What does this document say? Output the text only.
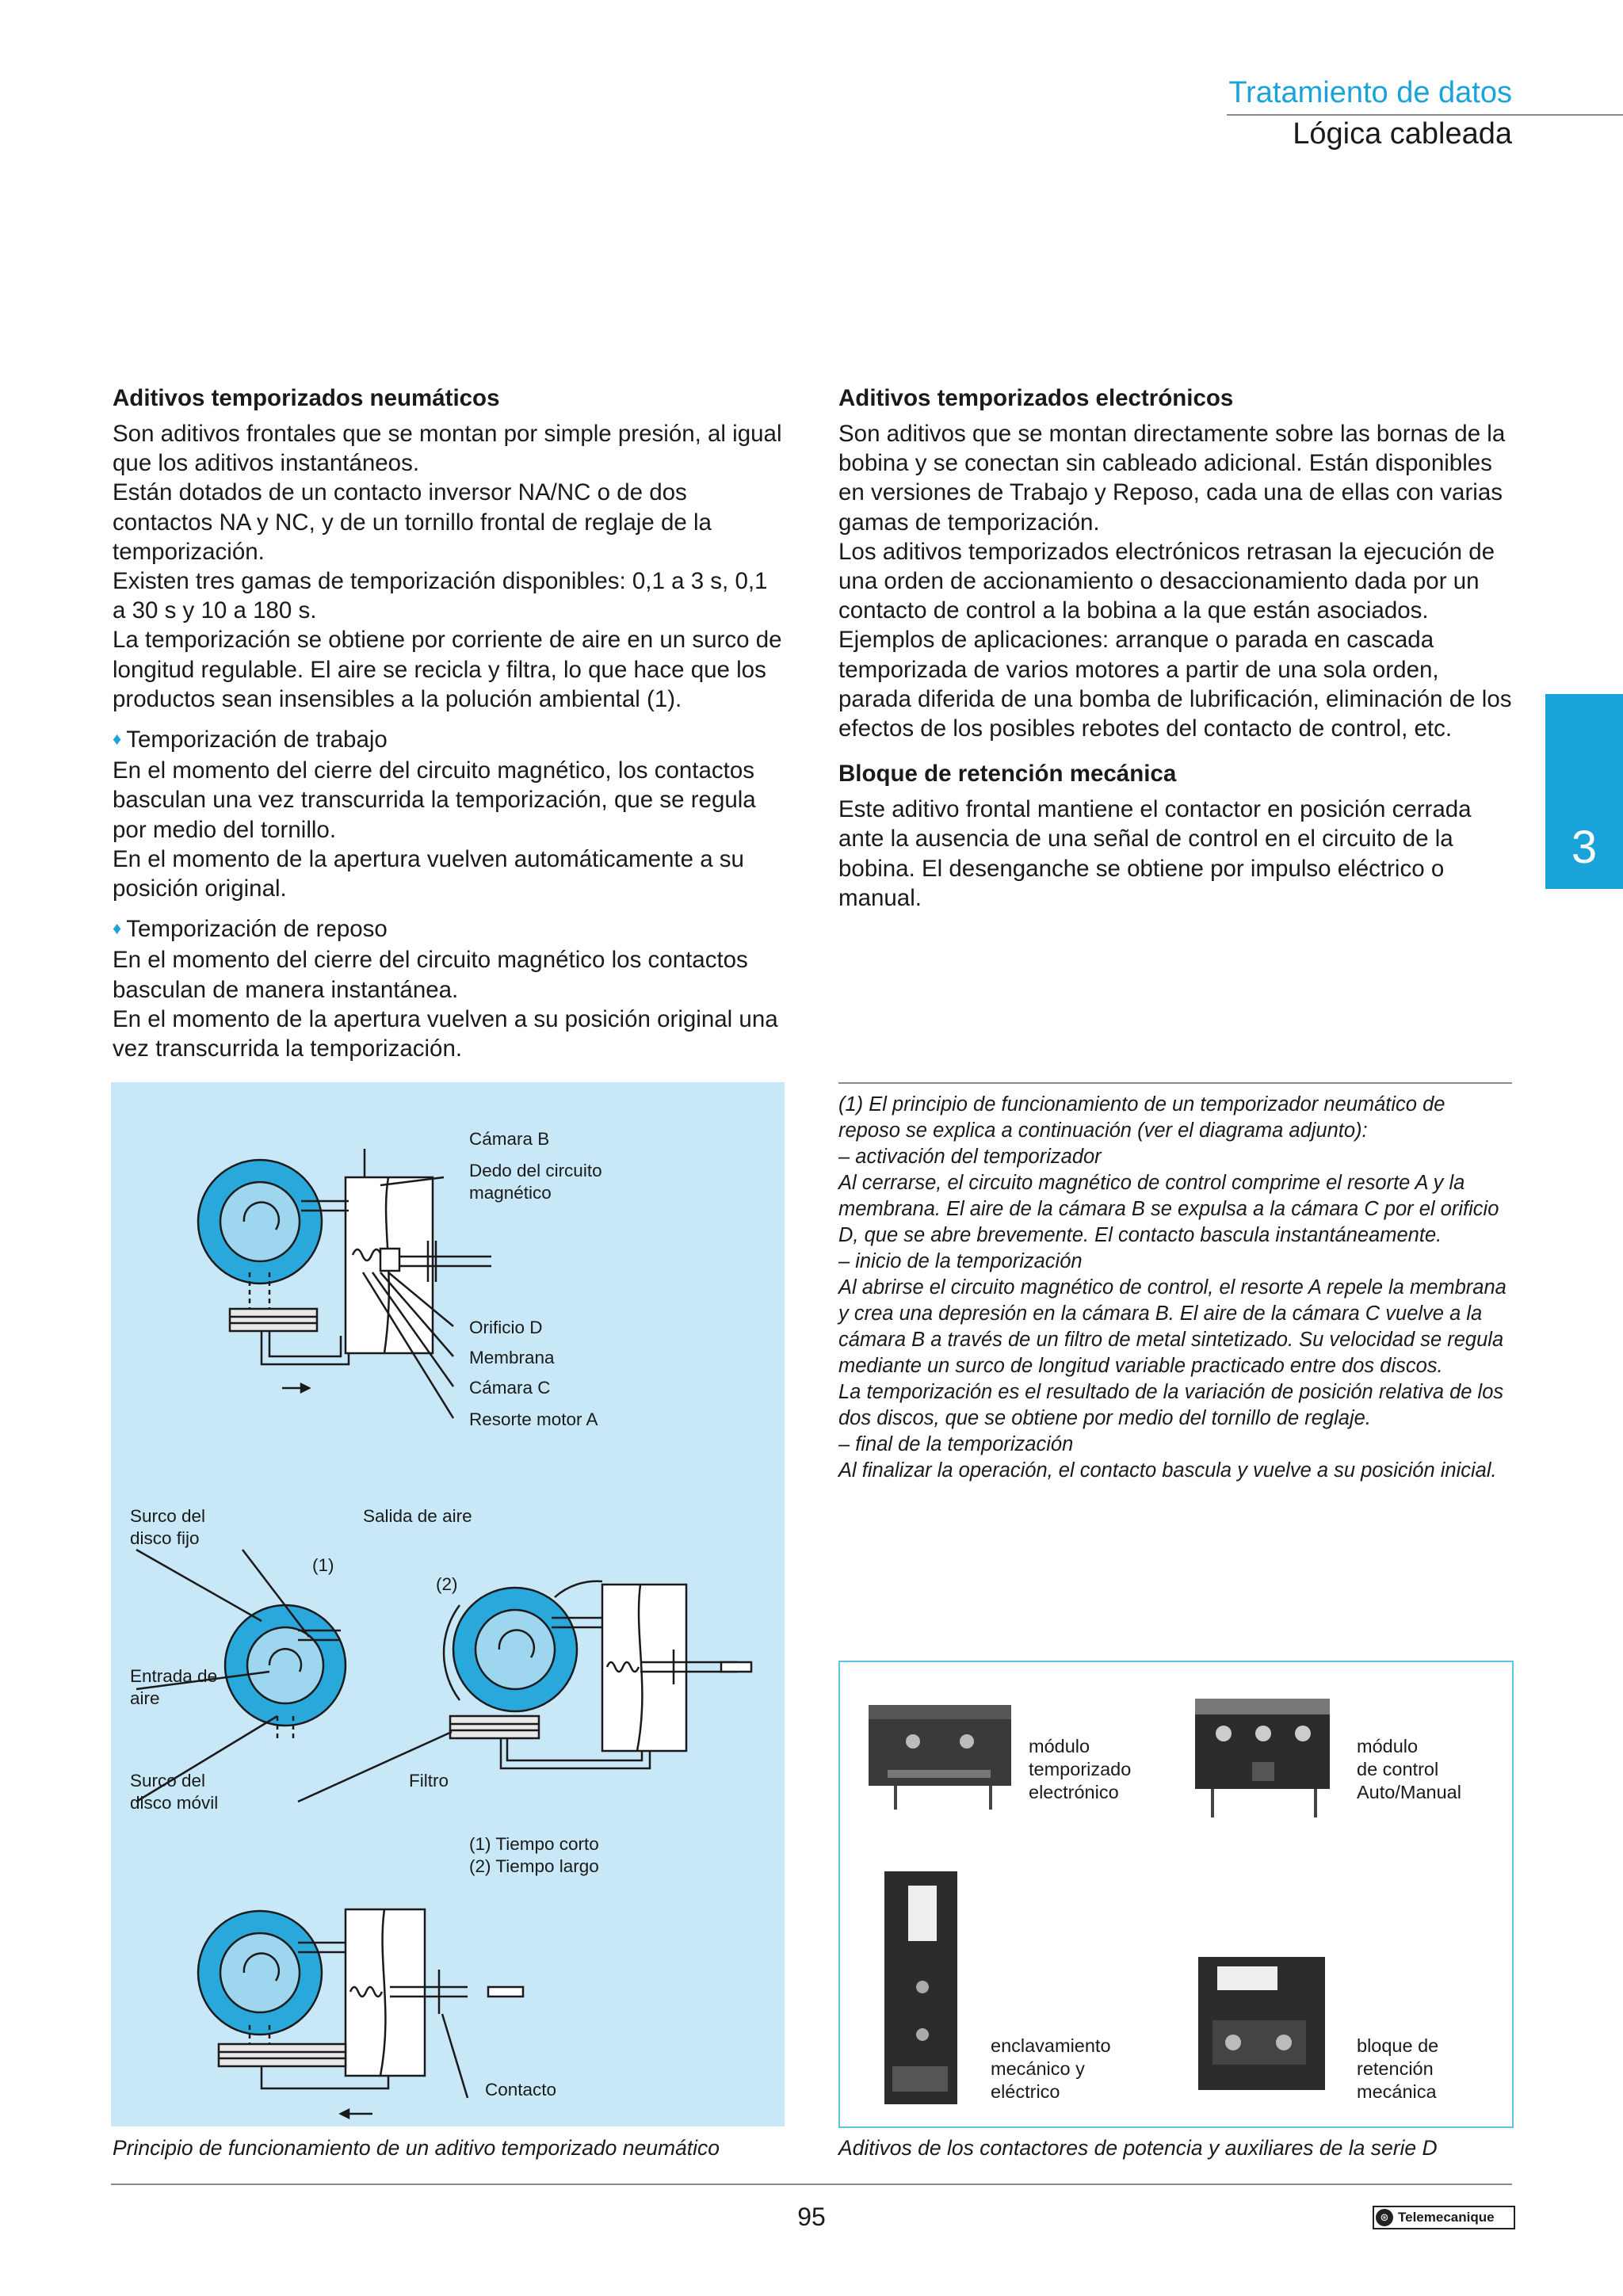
Tratamiento de datos
Lógica cableada
3
Aditivos temporizados neumáticos

Son aditivos frontales que se montan por simple presión, al igual que los aditivos instantáneos.

Están dotados de un contacto inversor NA/NC o de dos contactos NA y NC, y de un tornillo frontal de reglaje de la temporización.

Existen tres gamas de temporización disponibles: 0,1 a 3 s, 0,1 a 30 s y 10 a 180 s.

La temporización se obtiene por corriente de aire en un surco de longitud regulable. El aire se recicla y filtra, lo que hace que los productos sean insensibles a la polución ambiental (1).

♦ Temporización de trabajo

En el momento del cierre del circuito magnético, los contactos basculan una vez transcurrida la temporización, que se regula por medio del tornillo.

En el momento de la apertura vuelven automáticamente a su posición original.

♦ Temporización de reposo

En el momento del cierre del circuito magnético los contactos basculan de manera instantánea.

En el momento de la apertura vuelven a su posición original una vez transcurrida la temporización.

Aditivos temporizados electrónicos

Son aditivos que se montan directamente sobre las bornas de la bobina y se conectan sin cableado adicional. Están disponibles en versiones de Trabajo y Reposo, cada una de ellas con varias gamas de temporización.

Los aditivos temporizados electrónicos retrasan la ejecución de una orden de accionamiento o desaccionamiento dada por un contacto de control a la bobina a la que están asociados.

Ejemplos de aplicaciones: arranque o parada en cascada temporizada de varios motores a partir de una sola orden, parada diferida de una bomba de lubrificación, eliminación de los efectos de los posibles rebotes del contacto de control, etc.

Bloque de retención mecánica

Este aditivo frontal mantiene el contactor en posición cerrada ante la ausencia de una señal de control en el circuito de la bobina. El desenganche se obtiene por impulso eléctrico o manual.

Cámara B
Dedo del circuito
magnético
Orificio D
Membrana
Cámara C
Resorte motor A
Surco del
disco fijo
Salida de aire
(1)
(2)
Entrada de
aire
Surco del
disco móvil
Filtro
(1) Tiempo corto
(2) Tiempo largo
Contacto
Principio de funcionamiento de un aditivo temporizado neumático
(1) El principio de funcionamiento de un temporizador neumático de reposo se explica a continuación (ver el diagrama adjunto):
– activación del temporizador
Al cerrarse, el circuito magnético de control comprime el resorte A y la membrana. El aire de la cámara B se expulsa a la cámara C por el orificio D, que se abre brevemente. El contacto bascula instantáneamente.
– inicio de la temporización
Al abrirse el circuito magnético de control, el resorte A repele la membrana y crea una depresión en la cámara B. El aire de la cámara C vuelve a la cámara B a través de un filtro de metal sintetizado. Su velocidad se regula mediante un surco de longitud variable practicado entre dos discos.
La temporización es el resultado de la variación de posición relativa de los dos discos, que se obtiene por medio del tornillo de reglaje.
– final de la temporización
Al finalizar la operación, el contacto bascula y vuelve a su posición inicial.
módulo
temporizado
electrónico
módulo
de control
Auto/Manual
enclavamiento
mecánico y
eléctrico
bloque de
retención
mecánica
Aditivos de los contactores de potencia y auxiliares de la serie D
95	⊛ Telemecanique
